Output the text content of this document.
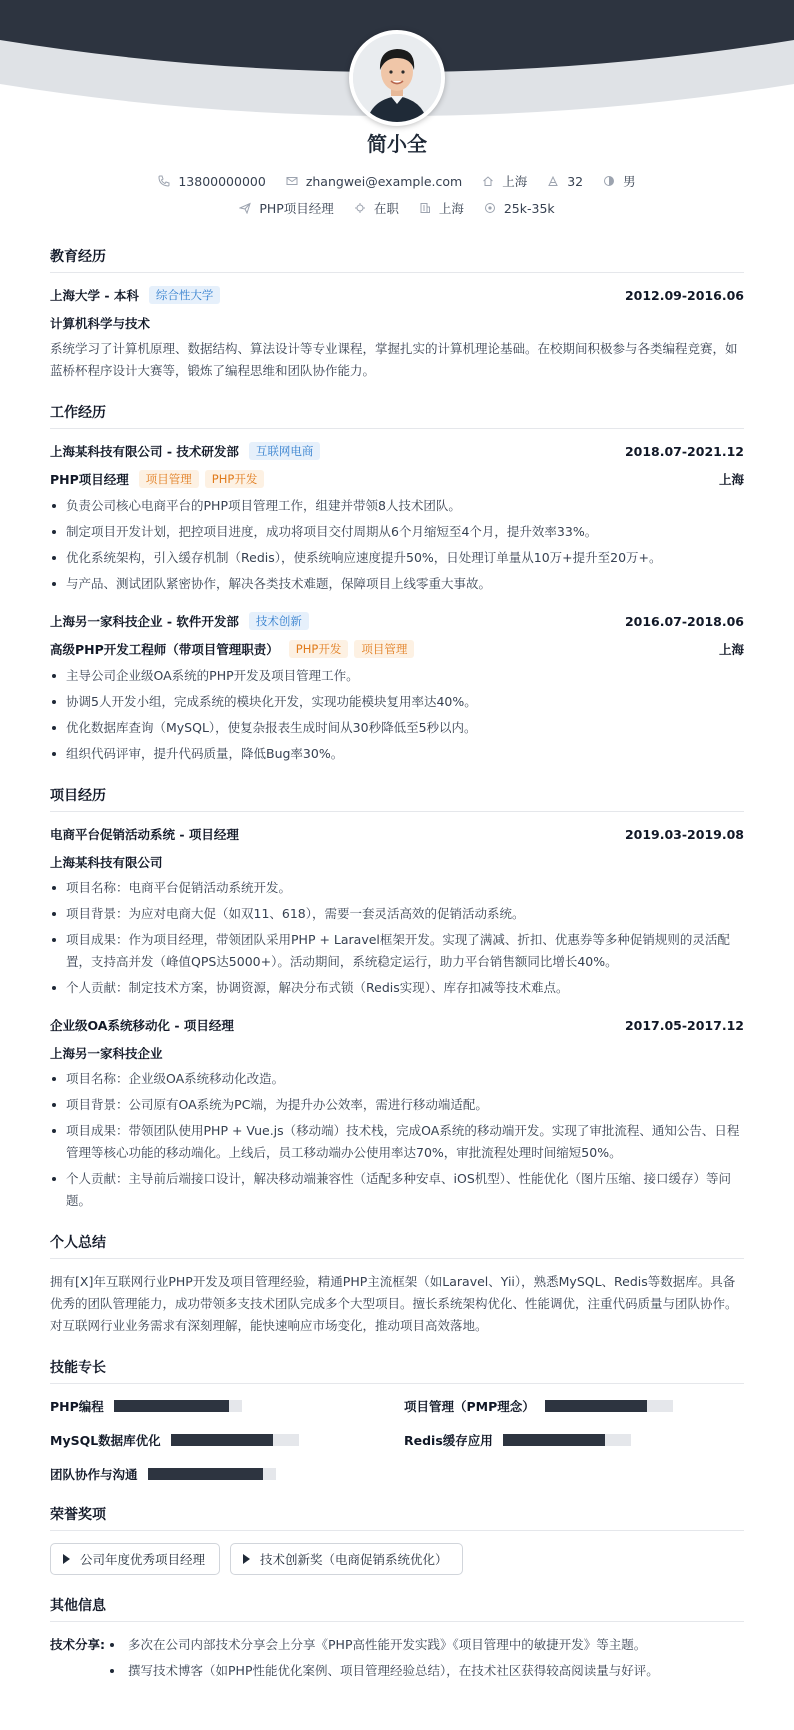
简小全
13800000000	zhangwei@example.com	上海	32	男
PHP项目经理	在职	上海	25k-35k
教育经历
上海大学 - 本科	综合性大学	2012.09-2016.06
计算机科学与技术
系统学习了计算机原理、数据结构、算法设计等专业课程，掌握扎实的计算机理论基础。在校期间积极参与各类编程竞赛，如蓝桥杯程序设计大赛等，锻炼了编程思维和团队协作能力。
工作经历
上海某科技有限公司 - 技术研发部	互联网电商	2018.07-2021.12
PHP项目经理	项目管理	PHP开发	上海
负责公司核心电商平台的PHP项目管理工作，组建并带领8人技术团队。
制定项目开发计划，把控项目进度，成功将项目交付周期从6个月缩短至4个月，提升效率33%。
优化系统架构，引入缓存机制（Redis），使系统响应速度提升50%，日处理订单量从10万+提升至20万+。
与产品、测试团队紧密协作，解决各类技术难题，保障项目上线零重大事故。
上海另一家科技企业 - 软件开发部	技术创新	2016.07-2018.06
高级PHP开发工程师（带项目管理职责）	PHP开发	项目管理	上海
主导公司企业级OA系统的PHP开发及项目管理工作。
协调5人开发小组，完成系统的模块化开发，实现功能模块复用率达40%。
优化数据库查询（MySQL），使复杂报表生成时间从30秒降低至5秒以内。
组织代码评审，提升代码质量，降低Bug率30%。
项目经历
电商平台促销活动系统 - 项目经理	2019.03-2019.08
上海某科技有限公司
项目名称：电商平台促销活动系统开发。
项目背景：为应对电商大促（如双11、618），需要一套灵活高效的促销活动系统。
项目成果：作为项目经理，带领团队采用PHP + Laravel框架开发。实现了满减、折扣、优惠券等多种促销规则的灵活配置，支持高并发（峰值QPS达5000+）。活动期间，系统稳定运行，助力平台销售额同比增长40%。
个人贡献：制定技术方案，协调资源，解决分布式锁（Redis实现）、库存扣减等技术难点。
企业级OA系统移动化 - 项目经理	2017.05-2017.12
上海另一家科技企业
项目名称：企业级OA系统移动化改造。
项目背景：公司原有OA系统为PC端，为提升办公效率，需进行移动端适配。
项目成果：带领团队使用PHP + Vue.js（移动端）技术栈，完成OA系统的移动端开发。实现了审批流程、通知公告、日程管理等核心功能的移动端化。上线后，员工移动端办公使用率达70%，审批流程处理时间缩短50%。
个人贡献：主导前后端接口设计，解决移动端兼容性（适配多种安卓、iOS机型）、性能优化（图片压缩、接口缓存）等问题。
个人总结
拥有[X]年互联网行业PHP开发及项目管理经验，精通PHP主流框架（如Laravel、Yii），熟悉MySQL、Redis等数据库。具备优秀的团队管理能力，成功带领多支技术团队完成多个大型项目。擅长系统架构优化、性能调优，注重代码质量与团队协作。对互联网行业业务需求有深刻理解，能快速响应市场变化，推动项目高效落地。
技能专长
PHP编程	项目管理（PMP理念）
MySQL数据库优化	Redis缓存应用
团队协作与沟通
荣誉奖项
公司年度优秀项目经理	技术创新奖（电商促销系统优化）
其他信息
技术分享:	多次在公司内部技术分享会上分享《PHP高性能开发实践》《项目管理中的敏捷开发》等主题。
撰写技术博客（如PHP性能优化案例、项目管理经验总结），在技术社区获得较高阅读量与好评。
